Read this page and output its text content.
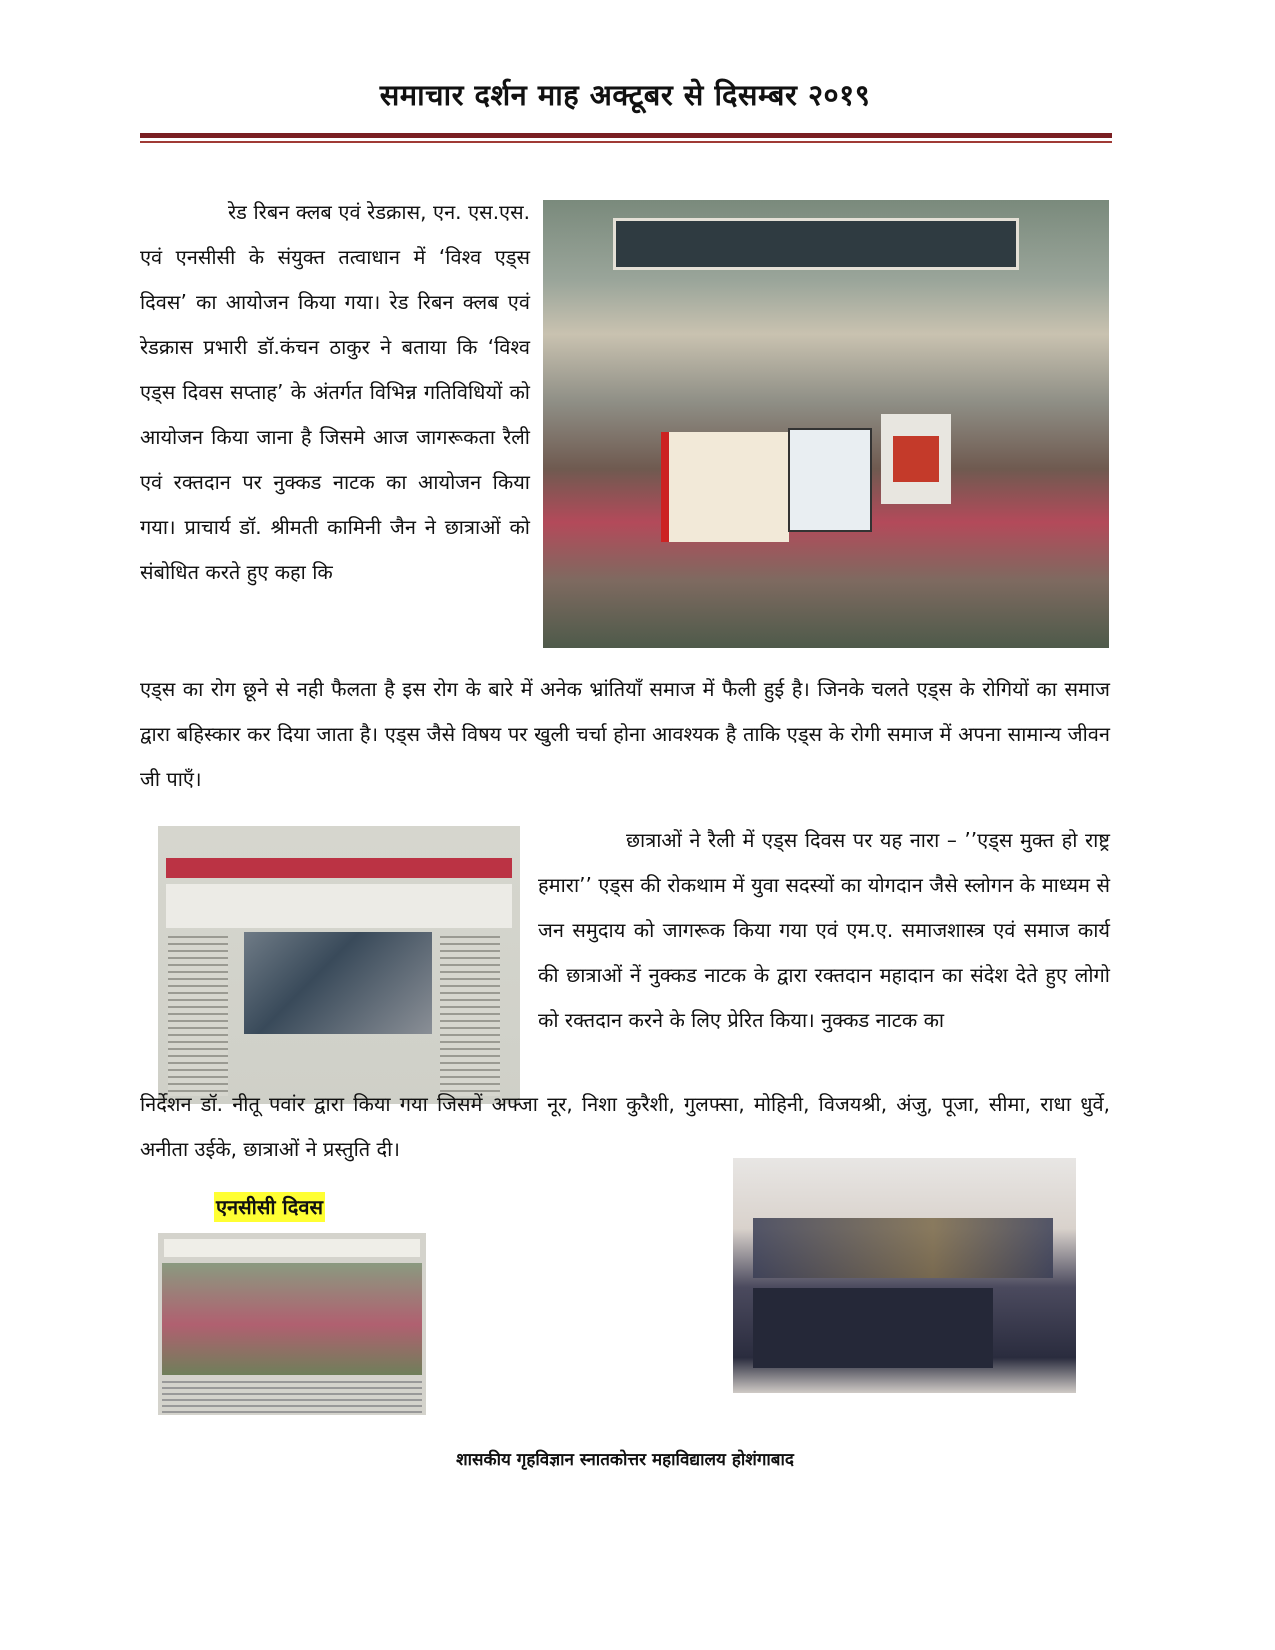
समाचार दर्शन माह अक्टूबर से दिसम्बर २०१९

रेड रिबन क्लब एवं रेडक्रास, एन. एस.एस. एवं एनसीसी के संयुक्त तत्वाधान में ‘विश्व एड्स दिवस’ का आयोजन किया गया। रेड रिबन क्लब एवं रेडक्रास प्रभारी डॉ.कंचन ठाकुर ने बताया कि ‘विश्व एड्स दिवस सप्ताह’ के अंतर्गत विभिन्न गतिविधियों को आयोजन किया जाना है जिसमे आज जागरूकता रैली एवं रक्तदान पर नुक्कड नाटक का आयोजन किया गया। प्राचार्य डॉ. श्रीमती कामिनी जैन ने छात्राओं को संबोधित करते हुए कहा कि

एड्स का रोग छूने से नही फैलता है इस रोग के बारे में अनेक भ्रांतियॉं समाज में फैली हुई है। जिनके चलते एड्स के रोगियों का समाज द्वारा बहिस्कार कर दिया जाता है। एड्स जैसे विषय पर खुली चर्चा होना आवश्यक है ताकि एड्स के रोगी समाज में अपना सामान्य जीवन जी पाएँ।

छात्राओं ने रैली में एड्स दिवस पर यह नारा – ’’एड्स मुक्त हो राष्ट्र हमारा’’ एड्स की रोकथाम में युवा सदस्यों का योगदान जैसे स्लोगन के माध्यम से जन समुदाय को जागरूक किया गया एवं एम.ए. समाजशास्त्र एवं समाज कार्य की छात्राओं नें नुक्कड नाटक के द्वारा रक्तदान महादान का संदेश देते हुए लोगो को रक्तदान करने के लिए प्रेरित किया। नुक्कड नाटक का

निर्देशन डॉ. नीतू पवांर द्वारा किया गया जिसमें अफ्जा नूर, निशा कुरैशी, गुलफ्सा, मोहिनी, विजयश्री, अंजु, पूजा, सीमा, राधा धुर्वे, अनीता उईके, छात्राओं ने प्रस्तुति दी।

एनसीसी दिवस
शासकीय गृहविज्ञान स्नातकोत्तर महाविद्यालय होशंगाबाद
